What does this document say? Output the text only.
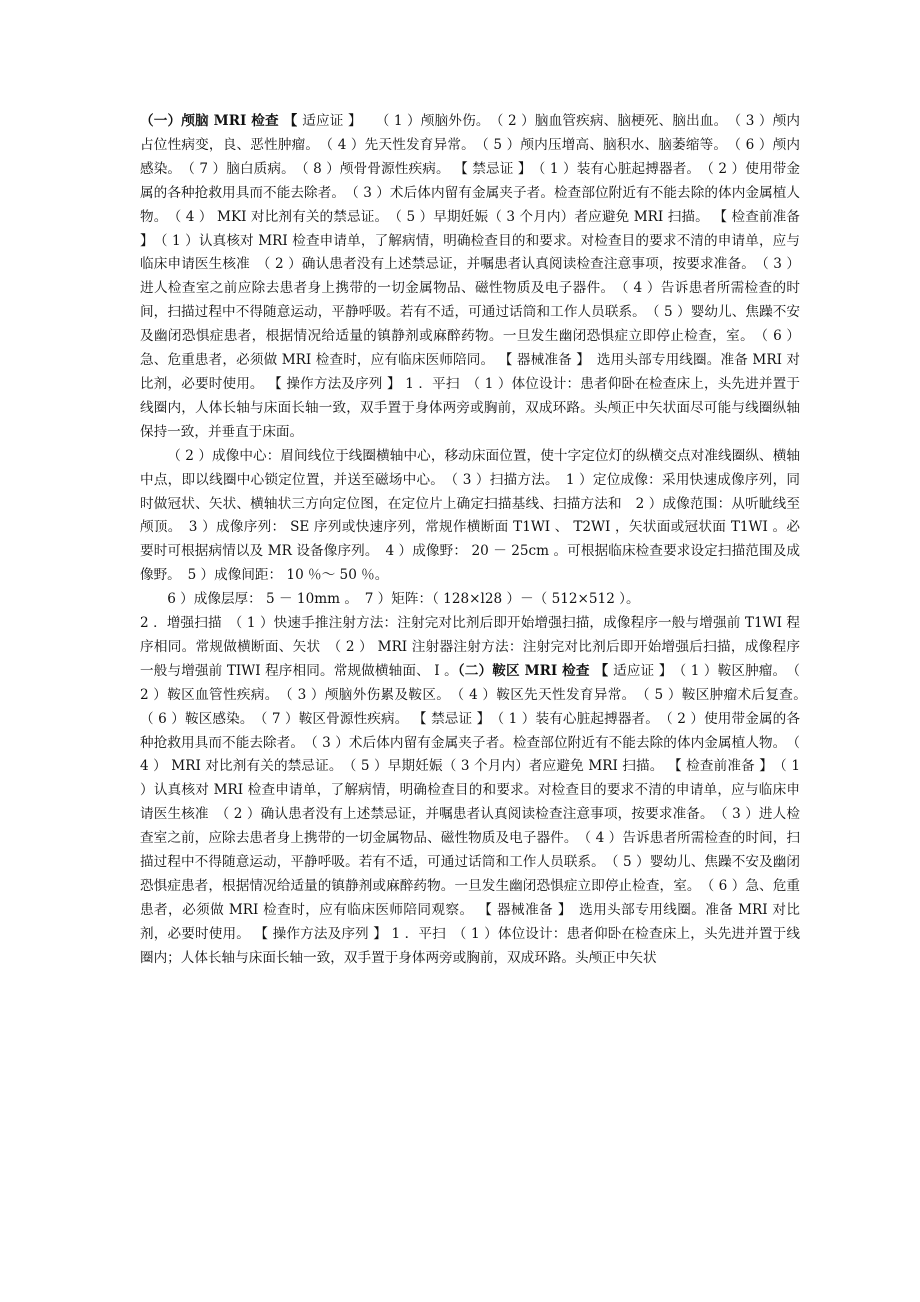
（一）颅脑 MRI 检查 【 适应证 】　　（ 1 ）颅脑外伤。　（ 2 ）脑血管疾病、脑梗死、脑出血。　（ 3 ）颅内占位性病变，良、恶性肿瘤。　（ 4 ）先天性发育异常。　（ 5 ）颅内压增高、脑积水、脑萎缩等。　（ 6 ）颅内感染。　（ 7 ）脑白质病。　（ 8 ）颅骨骨源性疾病。 【 禁忌证 】　（ 1 ）装有心脏起搏器者。　（ 2 ）使用带金属的各种抢救用具而不能去除者。　（ 3 ）术后体内留有金属夹子者。检查部位附近有不能去除的体内金属植人物。　（ 4 ） MKI 对比剂有关的禁忌证。　（ 5 ）早期妊娠（ 3 个月内）者应避免 MRI 扫描。 【 检查前准备 】　（ 1 ）认真核对 MRI 检查申请单，了解病情，明确检查目的和要求。对检查目的要求不清的申请单，应与临床申请医生核准　（ 2 ）确认患者没有上述禁忌证，并嘱患者认真阅读检查注意事项，按要求准备。　（ 3 ）进人检查室之前应除去患者身上携带的一切金属物品、磁性物质及电子器件。　（ 4 ）告诉患者所需检查的时间，扫描过程中不得随意运动，平静呼吸。若有不适，可通过话筒和工作人员联系。　（ 5 ）婴幼儿、焦躁不安及幽闭恐惧症患者，根据情况给适量的镇静剂或麻醉药物。一旦发生幽闭恐惧症立即停止检查，室。　（ 6 ）急、危重患者，必须做 MRI 检查时，应有临床医师陪同。 【 器械准备 】　选用头部专用线圈。准备 MRI 对比剂，必要时使用。 【 操作方法及序列 】 1 ．平扫　（ 1 ）体位设计：患者仰卧在检查床上，头先进并置于线圈内，人体长轴与床面长轴一致，双手置于身体两旁或胸前，双成环路。头颅正中矢状面尽可能与线圈纵轴保持一致，并垂直于床面。

（ 2 ）成像中心：眉间线位于线圈横轴中心，移动床面位置，使十字定位灯的纵横交点对准线圈纵、横轴中点，即以线圈中心锁定位置，并送至磁场中心。　（ 3 ）扫描方法。　1 ）定位成像：采用快速成像序列，同时做冠状、矢状、横轴状三方向定位图，在定位片上确定扫描基线、扫描方法和　2 ）成像范围：从听眦线至颅顶。　3 ）成像序列： SE 序列或快速序列，常规作横断面 T1WI 、 T2WI ，矢状面或冠状面 T1WI 。必要时可根据病情以及 MR 设备像序列。　4 ）成像野： 20 － 25cm 。可根据临床检查要求设定扫描范围及成像野。　5 ）成像间距： 10 ％～ 50 ％。

6 ）成像层厚： 5 － 10mm 。　7 ）矩阵：（ 128×l28 ）－（ 512×512 ）。

2 ．增强扫描　（ 1 ）快速手推注射方法：注射完对比剂后即开始增强扫描，成像程序一般与增强前 T1WI 程序相同。常规做横断面、矢状　（ 2 ） MRI 注射器注射方法：注射完对比剂后即开始增强后扫描，成像程序一般与增强前 TIWI 程序相同。常规做横轴面、 I 。（二）鞍区 MRI 检查 【 适应证 】　（ 1 ）鞍区肿瘤。　（ 2 ）鞍区血管性疾病。　（ 3 ）颅脑外伤累及鞍区。　（ 4 ）鞍区先天性发育异常。　（ 5 ）鞍区肿瘤术后复查。　（ 6 ）鞍区感染。　（ 7 ）鞍区骨源性疾病。 【 禁忌证 】　（ 1 ）装有心脏起搏器者。　（ 2 ）使用带金属的各种抢救用具而不能去除者。　（ 3 ）术后体内留有金属夹子者。检查部位附近有不能去除的体内金属植人物。　（ 4 ） MRI 对比剂有关的禁忌证。　（ 5 ）早期妊娠（ 3 个月内）者应避免 MRI 扫描。 【 检查前准备 】　（ 1 ）认真核对 MRI 检查申请单，了解病情，明确检查目的和要求。对检查目的要求不清的申请单，应与临床申请医生核准　（ 2 ）确认患者没有上述禁忌证，并嘱患者认真阅读检查注意事项，按要求准备。　（ 3 ）进人检查室之前，应除去患者身上携带的一切金属物品、磁性物质及电子器件。　（ 4 ）告诉患者所需检查的时间，扫描过程中不得随意运动，平静呼吸。若有不适，可通过话筒和工作人员联系。　（ 5 ）婴幼儿、焦躁不安及幽闭恐惧症患者，根据情况给适量的镇静剂或麻醉药物。一旦发生幽闭恐惧症立即停止检查，室。　（ 6 ）急、危重患者，必须做 MRI 检查时，应有临床医师陪同观察。 【 器械准备 】　选用头部专用线圈。准备 MRI 对比剂，必要时使用。 【 操作方法及序列 】 1 ．平扫　（ 1 ）体位设计：患者仰卧在检查床上，头先进并置于线圈内；人体长轴与床面长轴一致，双手置于身体两旁或胸前，双成环路。头颅正中矢状
